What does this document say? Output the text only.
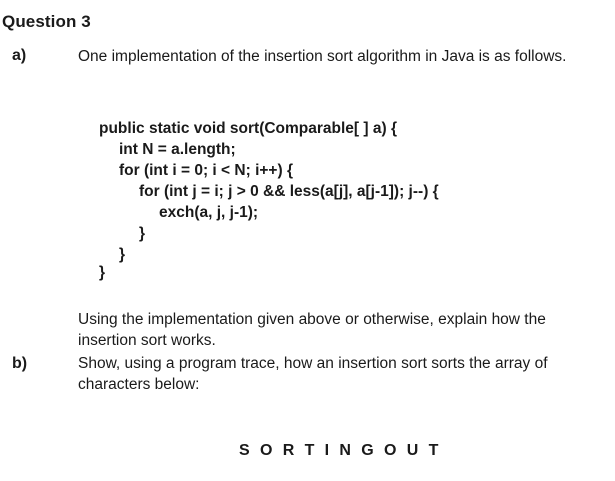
Question 3
a)	One implementation of the insertion sort algorithm in Java is as follows.
public static void sort(Comparable[ ] a) {
int N = a.length;
for (int i = 0; i < N; i++) {
for (int j = i; j > 0 && less(a[j], a[j-1]); j--) {
exch(a, j, j-1);
}
}
}
Using the implementation given above or otherwise, explain how the insertion sort works.
b)	Show, using a program trace, how an insertion sort sorts the array of characters below:
SORTINGOUT
